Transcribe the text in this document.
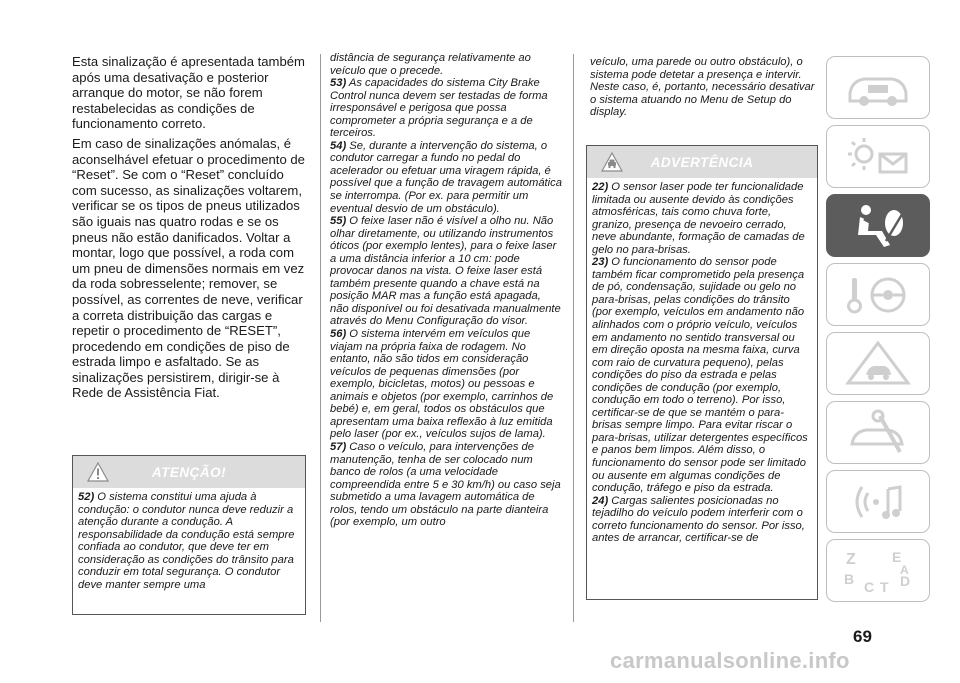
Esta sinalização é apresentada também após uma desativação e posterior arranque do motor, se não forem restabelecidas as condições de funcionamento correto.

Em caso de sinalizações anómalas, é aconselhável efetuar o procedimento de “Reset”. Se com o “Reset” concluído com sucesso, as sinalizações voltarem, verificar se os tipos de pneus utilizados são iguais nas quatro rodas e se os pneus não estão danificados. Voltar a montar, logo que possível, a roda com um pneu de dimensões normais em vez da roda sobresselente; remover, se possível, as correntes de neve, verificar a correta distribuição das cargas e repetir o procedimento de “RESET”, procedendo em condições de piso de estrada limpo e asfaltado. Se as sinalizações persistirem, dirigir-se à Rede de Assistência Fiat.

ATENÇÃO!

52) O sistema constitui uma ajuda à condução: o condutor nunca deve reduzir a atenção durante a condução. A responsabilidade da condução está sempre confiada ao condutor, que deve ter em consideração as condições do trânsito para conduzir em total segurança. O condutor deve manter sempre uma

distância de segurança relativamente ao veículo que o precede.

53) As capacidades do sistema City Brake Control nunca devem ser testadas de forma irresponsável e perigosa que possa comprometer a própria segurança e a de terceiros.

54) Se, durante a intervenção do sistema, o condutor carregar a fundo no pedal do acelerador ou efetuar uma viragem rápida, é possível que a função de travagem automática se interrompa. (Por ex. para permitir um eventual desvio de um obstáculo).

55) O feixe laser não é visível a olho nu. Não olhar diretamente, ou utilizando instrumentos óticos (por exemplo lentes), para o feixe laser a uma distância inferior a 10 cm: pode provocar danos na vista. O feixe laser está também presente quando a chave está na posição MAR mas a função está apagada, não disponível ou foi desativada manualmente através do Menu Configuração do visor.

56) O sistema intervém em veículos que viajam na própria faixa de rodagem. No entanto, não são tidos em consideração veículos de pequenas dimensões (por exemplo, bicicletas, motos) ou pessoas e animais e objetos (por exemplo, carrinhos de bebé) e, em geral, todos os obstáculos que apresentam uma baixa reflexão à luz emitida pelo laser (por ex., veículos sujos de lama).

57) Caso o veículo, para intervenções de manutenção, tenha de ser colocado num banco de rolos (a uma velocidade compreendida entre 5 e 30 km/h) ou caso seja submetido a uma lavagem automática de rolos, tendo um obstáculo na parte dianteira (por exemplo, um outro

veículo, uma parede ou outro obstáculo), o sistema pode detetar a presença e intervir. Neste caso, é, portanto, necessário desativar o sistema atuando no Menu de Setup do display.

ADVERTÊNCIA

22) O sensor laser pode ter funcionalidade limitada ou ausente devido às condições atmosféricas, tais como chuva forte, granizo, presença de nevoeiro cerrado, neve abundante, formação de camadas de gelo no para-brisas.

23) O funcionamento do sensor pode também ficar comprometido pela presença de pó, condensação, sujidade ou gelo no para-brisas, pelas condições do trânsito (por exemplo, veículos em andamento não alinhados com o próprio veículo, veículos em andamento no sentido transversal ou em direção oposta na mesma faixa, curva com raio de curvatura pequeno), pelas condições do piso da estrada e pelas condições de condução (por exemplo, condução em todo o terreno). Por isso, certificar-se de que se mantém o para-brisas sempre limpo. Para evitar riscar o para-brisas, utilizar detergentes específicos e panos bem limpos. Além disso, o funcionamento do sensor pode ser limitado ou ausente em algumas condições de condução, tráfego e piso da estrada.

24) Cargas salientes posicionadas no tejadilho do veículo podem interferir com o correto funcionamento do sensor. Por isso, antes de arrancar, certificar-se de

Z	E
B C T D
A
69
carmanualsonline.info
